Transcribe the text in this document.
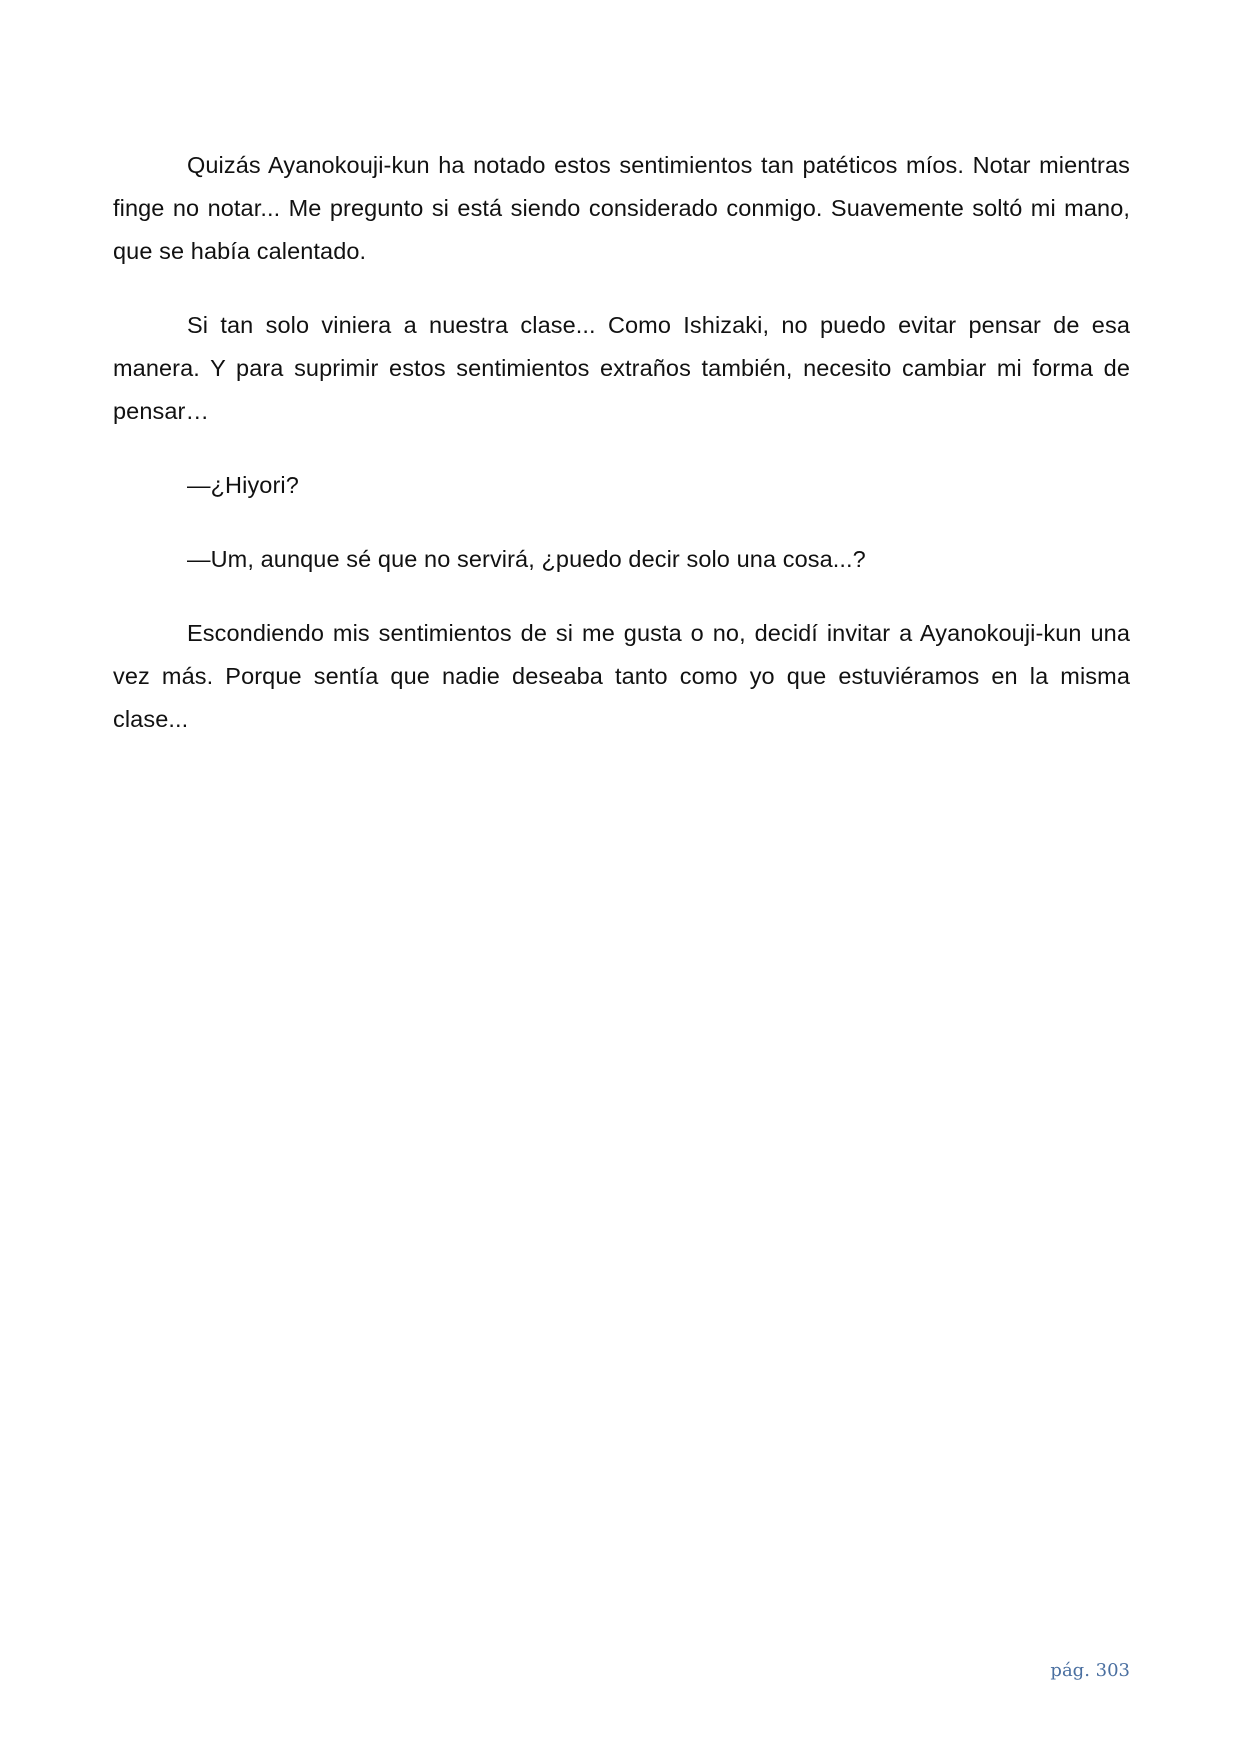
Quizás Ayanokouji-kun ha notado estos sentimientos tan patéticos míos. Notar mientras finge no notar... Me pregunto si está siendo considerado conmigo. Suavemente soltó mi mano, que se había calentado.

Si tan solo viniera a nuestra clase... Como Ishizaki, no puedo evitar pensar de esa manera. Y para suprimir estos sentimientos extraños también, necesito cambiar mi forma de pensar…

—¿Hiyori?

—Um, aunque sé que no servirá, ¿puedo decir solo una cosa...?

Escondiendo mis sentimientos de si me gusta o no, decidí invitar a Ayanokouji-kun una vez más. Porque sentía que nadie deseaba tanto como yo que estuviéramos en la misma clase...

pág. 303
